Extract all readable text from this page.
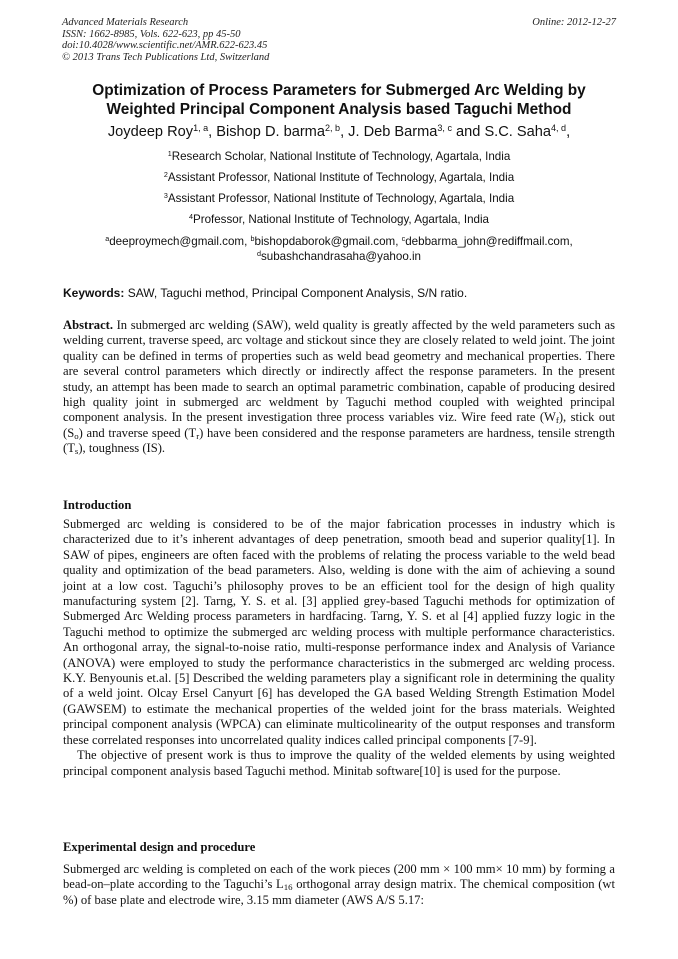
Advanced Materials Research
ISSN: 1662-8985, Vols. 622-623, pp 45-50
doi:10.4028/www.scientific.net/AMR.622-623.45
© 2013 Trans Tech Publications Ltd, Switzerland
Online: 2012-12-27
Optimization of Process Parameters for Submerged Arc Welding by
Weighted Principal Component Analysis based Taguchi Method
Joydeep Roy$^{1, a}$, Bishop D. barma$^{2, b}$, J. Deb Barma$^{3, c}$ and S.C. Saha$^{4, d}$,
$^1$Research Scholar, National Institute of Technology, Agartala, India
$^2$Assistant Professor, National Institute of Technology, Agartala, India
$^3$Assistant Professor, National Institute of Technology, Agartala, India
$^4$Professor, National Institute of Technology, Agartala, India
$^a$deeproymech@gmail.com, $^b$bishopdaborok@gmail.com, $^c$debbarma_john@rediffmail.com,
$^d$subashchandrasaha@yahoo.in
Keywords: SAW, Taguchi method, Principal Component Analysis, S/N ratio.
Abstract. In submerged arc welding (SAW), weld quality is greatly affected by the weld parameters such as welding current, traverse speed, arc voltage and stickout since they are closely related to weld joint. The joint quality can be defined in terms of properties such as weld bead geometry and mechanical properties. There are several control parameters which directly or indirectly affect the response parameters. In the present study, an attempt has been made to search an optimal parametric combination, capable of producing desired high quality joint in submerged arc weldment by Taguchi method coupled with weighted principal component analysis. In the present investigation three process variables viz. Wire feed rate $(W_f)$, stick out $(S_o)$ and traverse speed $(T_r)$ have been considered and the response parameters are hardness, tensile strength $(T_s)$, toughness (IS).
Introduction
Submerged arc welding is considered to be of the major fabrication processes in industry which is characterized due to it’s inherent advantages of deep penetration, smooth bead and superior quality[1]. In SAW of pipes, engineers are often faced with the problems of relating the process variable to the weld bead quality and optimization of the bead parameters. Also, welding is done with the aim of achieving a sound joint at a low cost. Taguchi’s philosophy proves to be an efficient tool for the design of high quality manufacturing system [2]. Tarng, Y. S. et al. [3] applied grey-based Taguchi methods for optimization of Submerged Arc Welding process parameters in hardfacing. Tarng, Y. S. et al [4] applied fuzzy logic in the Taguchi method to optimize the submerged arc welding process with multiple performance characteristics. An orthogonal array, the signal-to-noise ratio, multi-response performance index and Analysis of Variance (ANOVA) were employed to study the performance characteristics in the submerged arc welding process. K.Y. Benyounis et.al. [5] Described the welding parameters play a significant role in determining the quality of a weld joint. Olcay Ersel Canyurt [6] has developed the GA based Welding Strength Estimation Model (GAWSEM) to estimate the mechanical properties of the welded joint for the brass materials. Weighted principal component analysis (WPCA) can eliminate multicolinearity of the output responses and transform these correlated responses into uncorrelated quality indices called principal components [7-9].
The objective of present work is thus to improve the quality of the welded elements by using weighted principal component analysis based Taguchi method. Minitab software[10] is used for the purpose.
Experimental design and procedure
Submerged arc welding is completed on each of the work pieces (200 mm × 100 mm× 10 mm) by forming a bead-on–plate according to the Taguchi’s $L_{16}$ orthogonal array design matrix. The chemical composition (wt %) of base plate and electrode wire, 3.15 mm diameter (AWS A/S 5.17:
